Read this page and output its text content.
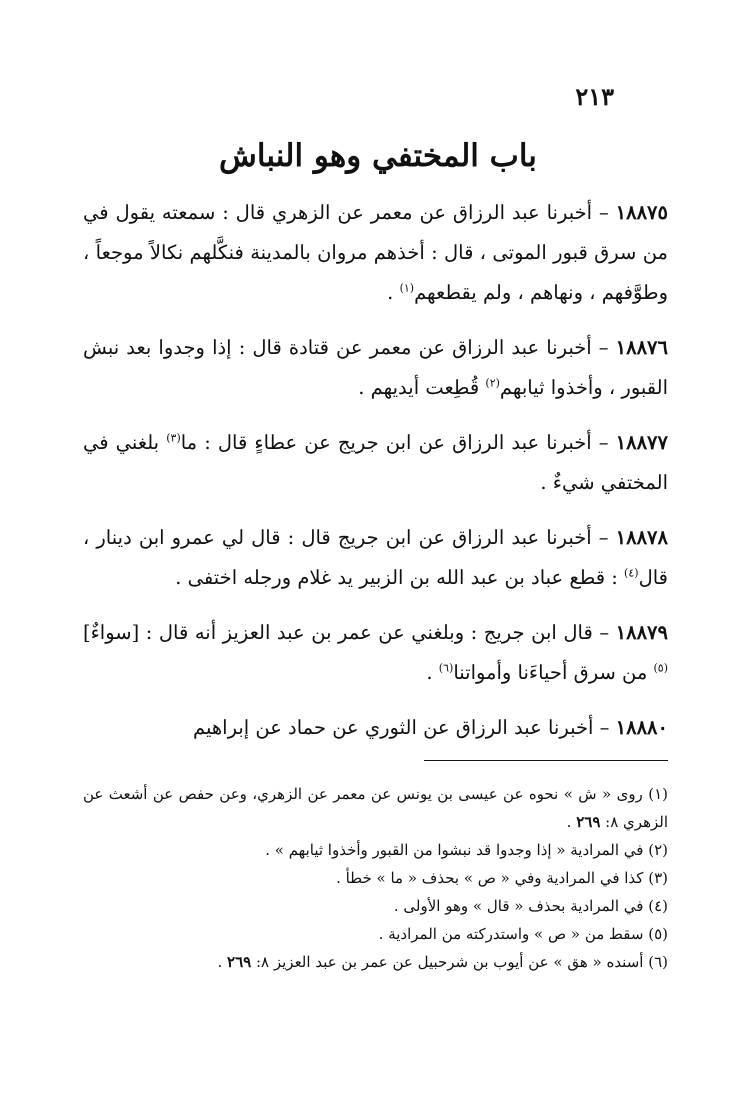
٢١٣
باب المختفي وهو النباش

١٨٨٧٥ – أخبرنا عبد الرزاق عن معمر عن الزهري قال : سمعته يقول في من سرق قبور الموتى ، قال : أخذهم مروان بالمدينة فنكَّلهم نكالاً موجعاً ، وطوَّفهم ، ونهاهم ، ولم يقطعهم$^{(١)}$ .

١٨٨٧٦ – أخبرنا عبد الرزاق عن معمر عن قتادة قال : إذا وجدوا بعد نبش القبور ، وأخذوا ثيابهم$^{(٢)}$ قُطِعت أيديهم .

١٨٨٧٧ – أخبرنا عبد الرزاق عن ابن جريج عن عطاءٍ قال : ما$^{(٣)}$ بلغني في المختفي شيءٌ .

١٨٨٧٨ – أخبرنا عبد الرزاق عن ابن جريج قال : قال لي عمرو ابن دينار ، قال$^{(٤)}$ : قطع عباد بن عبد الله بن الزبير يد غلام ورجله اختفى .

١٨٨٧٩ – قال ابن جريج : وبلغني عن عمر بن عبد العزيز أنه قال : [سواءٌ]$^{(٥)}$ من سرق أحياءَنا وأمواتنا$^{(٦)}$ .

١٨٨٨٠ – أخبرنا عبد الرزاق عن الثوري عن حماد عن إبراهيم

(١) روى « ش » نحوه عن عيسى بن يونس عن معمر عن الزهري، وعن حفص عن أشعث عن الزهري ٨: ٢٦٩ .

(٢) في المرادية « إذا وجدوا قد نبشوا من القبور وأخذوا ثيابهم » .

(٣) كذا في المرادية وفي « ص » بحذف « ما » خطأ .

(٤) في المرادية بحذف « قال » وهو الأولى .

(٥) سقط من « ص » واستدركته من المرادية .

(٦) أسنده « هق » عن أيوب بن شرحبيل عن عمر بن عبد العزيز ٨: ٢٦٩ .
